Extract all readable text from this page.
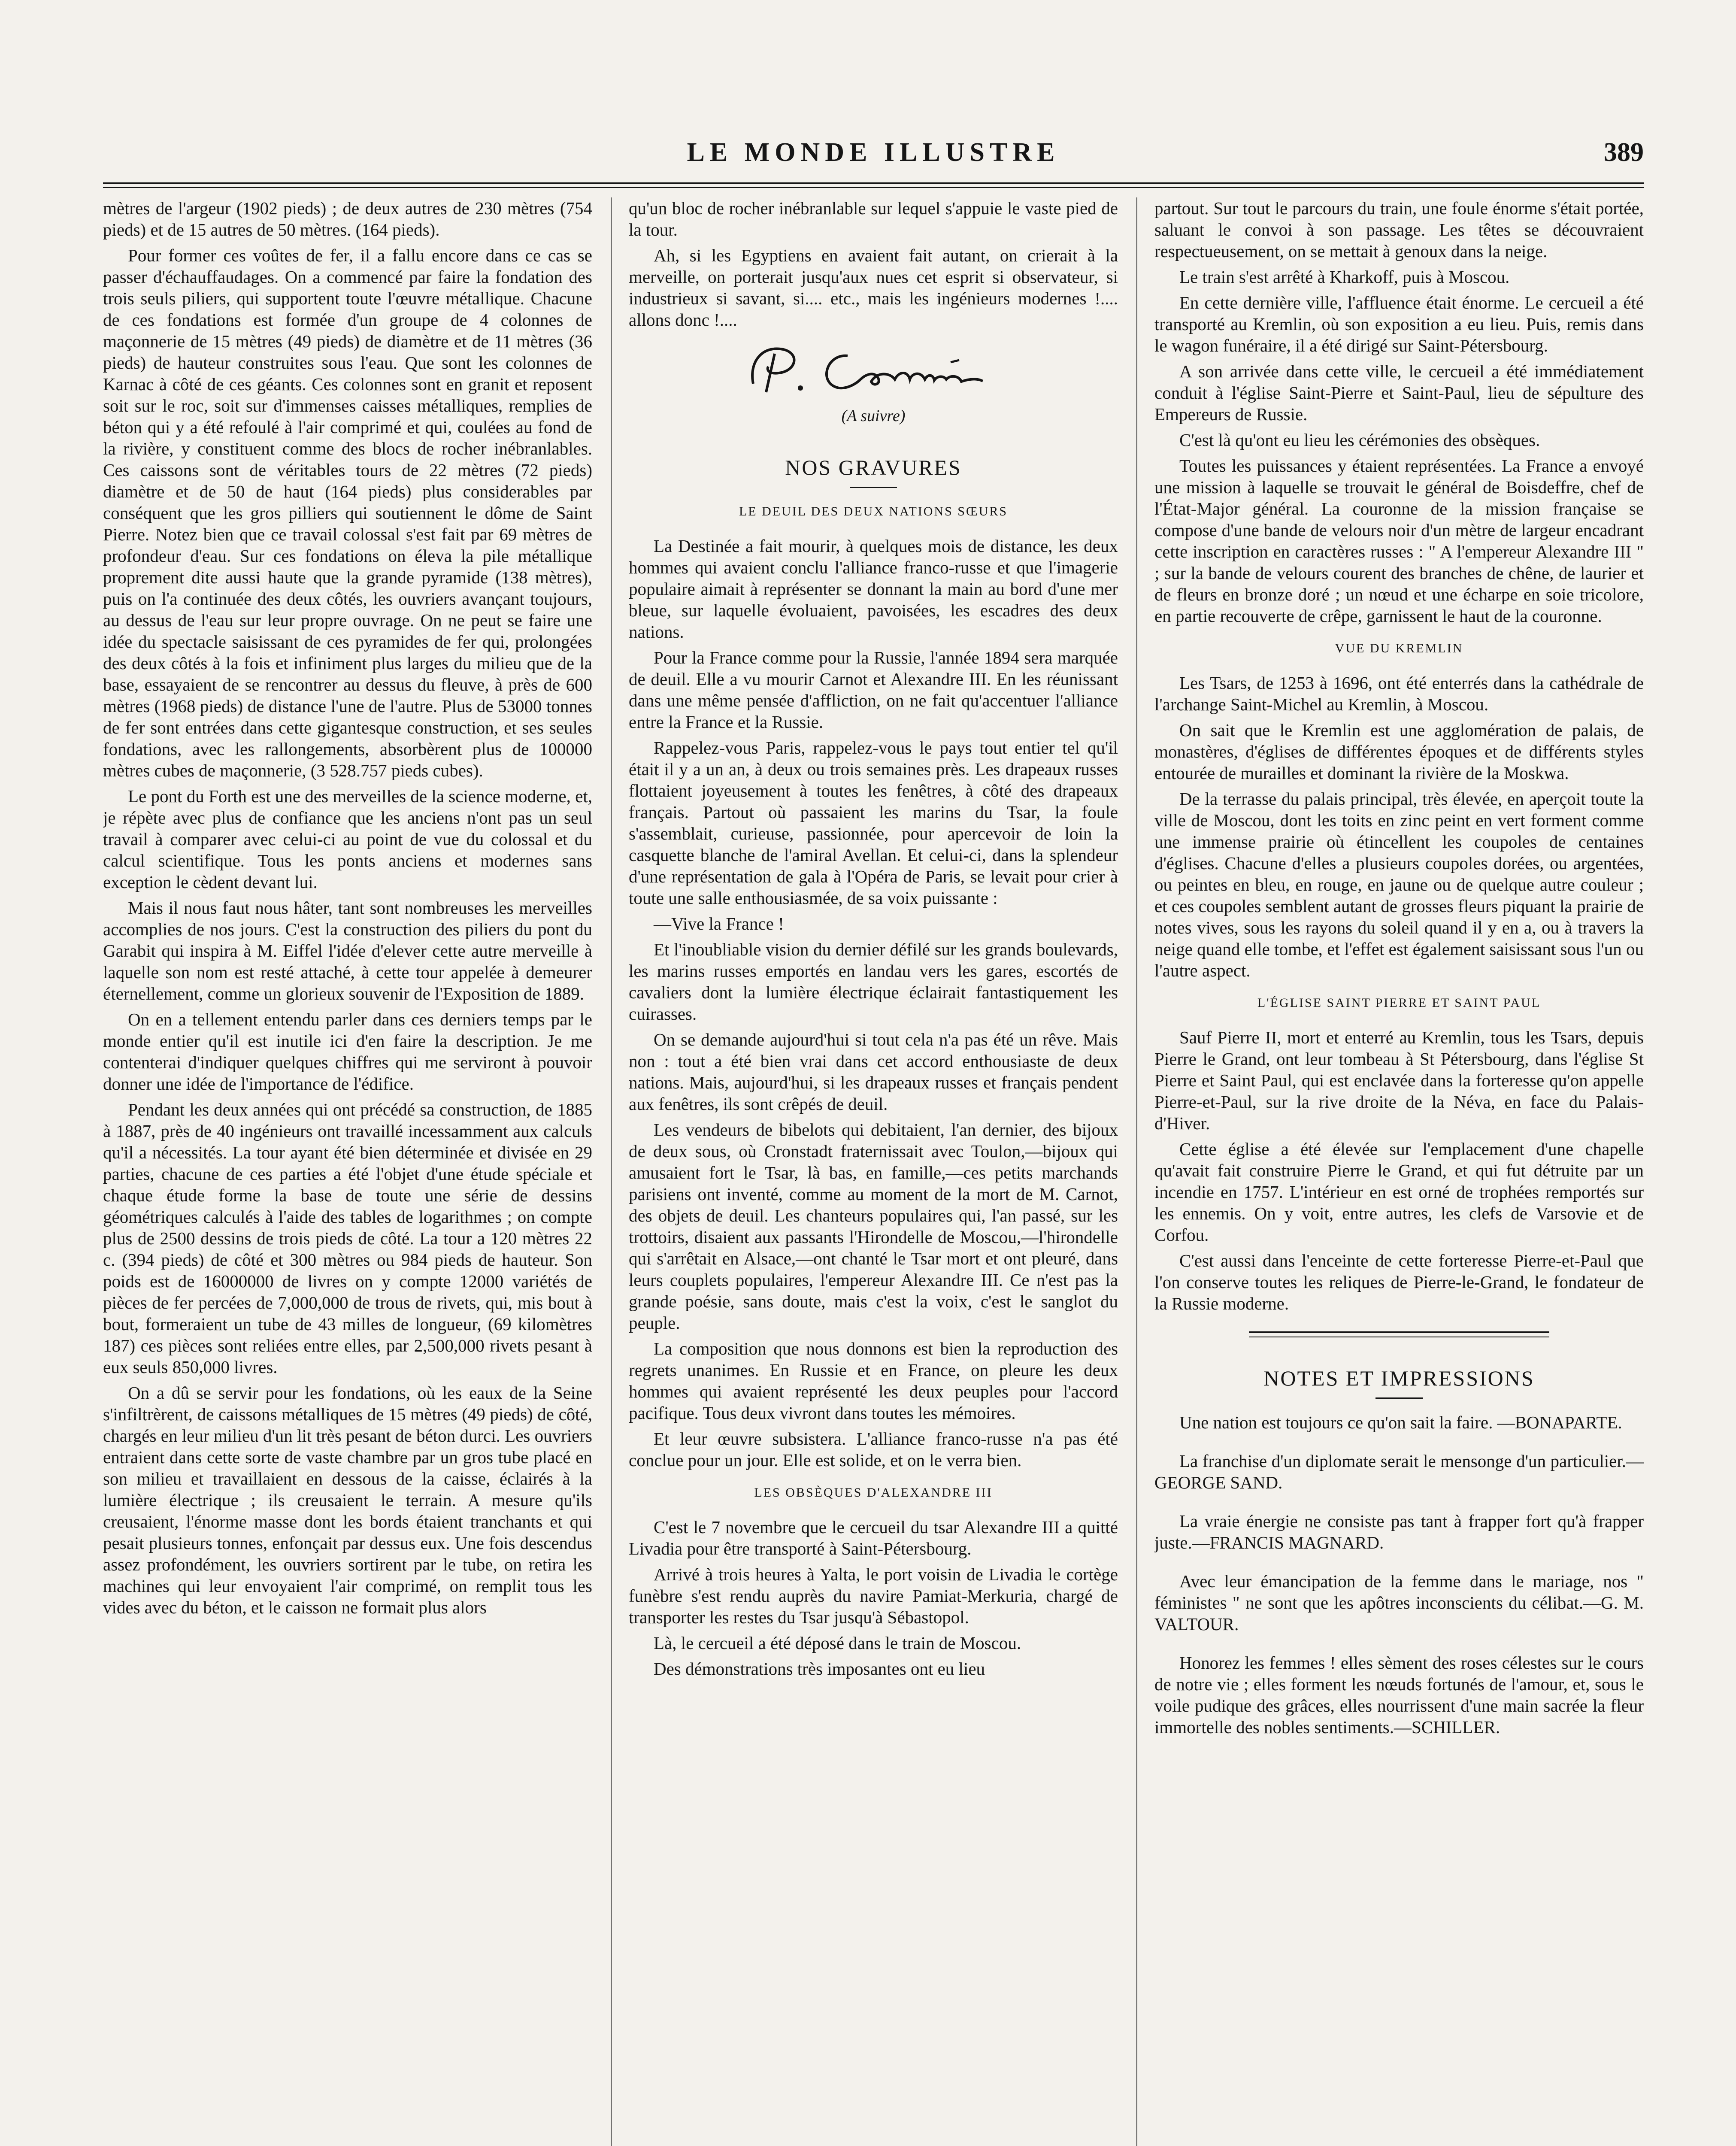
LE MONDE ILLUSTRE	389

mètres de l'argeur (1902 pieds) ; de deux autres de 230 mètres (754 pieds) et de 15 autres de 50 mètres. (164 pieds).

Pour former ces voûtes de fer, il a fallu encore dans ce cas se passer d'échauffaudages. On a commencé par faire la fondation des trois seuls piliers, qui supportent toute l'œuvre métallique. Chacune de ces fondations est formée d'un groupe de 4 colonnes de maçonnerie de 15 mètres (49 pieds) de diamètre et de 11 mètres (36 pieds) de hauteur construites sous l'eau. Que sont les colonnes de Karnac à côté de ces géants. Ces colonnes sont en granit et reposent soit sur le roc, soit sur d'immenses caisses métalliques, remplies de béton qui y a été refoulé à l'air comprimé et qui, coulées au fond de la rivière, y constituent comme des blocs de rocher inébranlables. Ces caissons sont de véritables tours de 22 mètres (72 pieds) diamètre et de 50 de haut (164 pieds) plus considerables par conséquent que les gros pilliers qui soutiennent le dôme de Saint Pierre. Notez bien que ce travail colossal s'est fait par 69 mètres de profondeur d'eau. Sur ces fondations on éleva la pile métallique proprement dite aussi haute que la grande pyramide (138 mètres), puis on l'a continuée des deux côtés, les ouvriers avançant toujours, au dessus de l'eau sur leur propre ouvrage. On ne peut se faire une idée du spectacle saisissant de ces pyramides de fer qui, prolongées des deux côtés à la fois et infiniment plus larges du milieu que de la base, essayaient de se rencontrer au dessus du fleuve, à près de 600 mètres (1968 pieds) de distance l'une de l'autre. Plus de 53000 tonnes de fer sont entrées dans cette gigantesque construction, et ses seules fondations, avec les rallongements, absorbèrent plus de 100000 mètres cubes de maçonnerie, (3 528.757 pieds cubes).

Le pont du Forth est une des merveilles de la science moderne, et, je répète avec plus de confiance que les anciens n'ont pas un seul travail à comparer avec celui-ci au point de vue du colossal et du calcul scientifique. Tous les ponts anciens et modernes sans exception le cèdent devant lui.

Mais il nous faut nous hâter, tant sont nombreuses les merveilles accomplies de nos jours. C'est la construction des piliers du pont du Garabit qui inspira à M. Eiffel l'idée d'elever cette autre merveille à laquelle son nom est resté attaché, à cette tour appelée à demeurer éternellement, comme un glorieux souvenir de l'Exposition de 1889.

On en a tellement entendu parler dans ces derniers temps par le monde entier qu'il est inutile ici d'en faire la description. Je me contenterai d'indiquer quelques chiffres qui me serviront à pouvoir donner une idée de l'importance de l'édifice.

Pendant les deux années qui ont précédé sa construction, de 1885 à 1887, près de 40 ingénieurs ont travaillé incessamment aux calculs qu'il a nécessités. La tour ayant été bien déterminée et divisée en 29 parties, chacune de ces parties a été l'objet d'une étude spéciale et chaque étude forme la base de toute une série de dessins géométriques calculés à l'aide des tables de logarithmes ; on compte plus de 2500 dessins de trois pieds de côté. La tour a 120 mètres 22 c. (394 pieds) de côté et 300 mètres ou 984 pieds de hauteur. Son poids est de 16000000 de livres on y compte 12000 variétés de pièces de fer percées de 7,000,000 de trous de rivets, qui, mis bout à bout, formeraient un tube de 43 milles de longueur, (69 kilomètres 187) ces pièces sont reliées entre elles, par 2,500,000 rivets pesant à eux seuls 850,000 livres.

On a dû se servir pour les fondations, où les eaux de la Seine s'infiltrèrent, de caissons métalliques de 15 mètres (49 pieds) de côté, chargés en leur milieu d'un lit très pesant de béton durci. Les ouvriers entraient dans cette sorte de vaste chambre par un gros tube placé en son milieu et travaillaient en dessous de la caisse, éclairés à la lumière électrique ; ils creusaient le terrain. A mesure qu'ils creusaient, l'énorme masse dont les bords étaient tranchants et qui pesait plusieurs tonnes, enfonçait par dessus eux. Une fois descendus assez profondément, les ouvriers sortirent par le tube, on retira les machines qui leur envoyaient l'air comprimé, on remplit tous les vides avec du béton, et le caisson ne formait plus alors

qu'un bloc de rocher inébranlable sur lequel s'appuie le vaste pied de la tour.

Ah, si les Egyptiens en avaient fait autant, on crierait à la merveille, on porterait jusqu'aux nues cet esprit si observateur, si industrieux si savant, si.... etc., mais les ingénieurs modernes !.... allons donc !....

(A suivre)
NOS GRAVURES
LE DEUIL DES DEUX NATIONS SŒURS

La Destinée a fait mourir, à quelques mois de distance, les deux hommes qui avaient conclu l'alliance franco-russe et que l'imagerie populaire aimait à représenter se donnant la main au bord d'une mer bleue, sur laquelle évoluaient, pavoisées, les escadres des deux nations.

Pour la France comme pour la Russie, l'année 1894 sera marquée de deuil. Elle a vu mourir Carnot et Alexandre III. En les réunissant dans une même pensée d'affliction, on ne fait qu'accentuer l'alliance entre la France et la Russie.

Rappelez-vous Paris, rappelez-vous le pays tout entier tel qu'il était il y a un an, à deux ou trois semaines près. Les drapeaux russes flottaient joyeusement à toutes les fenêtres, à côté des drapeaux français. Partout où passaient les marins du Tsar, la foule s'assemblait, curieuse, passionnée, pour apercevoir de loin la casquette blanche de l'amiral Avellan. Et celui-ci, dans la splendeur d'une représentation de gala à l'Opéra de Paris, se levait pour crier à toute une salle enthousiasmée, de sa voix puissante :

—Vive la France !

Et l'inoubliable vision du dernier défilé sur les grands boulevards, les marins russes emportés en landau vers les gares, escortés de cavaliers dont la lumière électrique éclairait fantastiquement les cuirasses.

On se demande aujourd'hui si tout cela n'a pas été un rêve. Mais non : tout a été bien vrai dans cet accord enthousiaste de deux nations. Mais, aujourd'hui, si les drapeaux russes et français pendent aux fenêtres, ils sont crêpés de deuil.

Les vendeurs de bibelots qui debitaient, l'an dernier, des bijoux de deux sous, où Cronstadt fraternissait avec Toulon,—bijoux qui amusaient fort le Tsar, là bas, en famille,—ces petits marchands parisiens ont inventé, comme au moment de la mort de M. Carnot, des objets de deuil. Les chanteurs populaires qui, l'an passé, sur les trottoirs, disaient aux passants l'Hirondelle de Moscou,—l'hirondelle qui s'arrêtait en Alsace,—ont chanté le Tsar mort et ont pleuré, dans leurs couplets populaires, l'empereur Alexandre III. Ce n'est pas la grande poésie, sans doute, mais c'est la voix, c'est le sanglot du peuple.

La composition que nous donnons est bien la reproduction des regrets unanimes. En Russie et en France, on pleure les deux hommes qui avaient représenté les deux peuples pour l'accord pacifique. Tous deux vivront dans toutes les mémoires.

Et leur œuvre subsistera. L'alliance franco-russe n'a pas été conclue pour un jour. Elle est solide, et on le verra bien.

LES OBSÈQUES D'ALEXANDRE III

C'est le 7 novembre que le cercueil du tsar Alexandre III a quitté Livadia pour être transporté à Saint-Pétersbourg.

Arrivé à trois heures à Yalta, le port voisin de Livadia le cortège funèbre s'est rendu auprès du navire Pamiat-Merkuria, chargé de transporter les restes du Tsar jusqu'à Sébastopol.

Là, le cercueil a été déposé dans le train de Moscou.

Des démonstrations très imposantes ont eu lieu

partout. Sur tout le parcours du train, une foule énorme s'était portée, saluant le convoi à son passage. Les têtes se découvraient respectueusement, on se mettait à genoux dans la neige.

Le train s'est arrêté à Kharkoff, puis à Moscou.

En cette dernière ville, l'affluence était énorme. Le cercueil a été transporté au Kremlin, où son exposition a eu lieu. Puis, remis dans le wagon funéraire, il a été dirigé sur Saint-Pétersbourg.

A son arrivée dans cette ville, le cercueil a été immédiatement conduit à l'église Saint-Pierre et Saint-Paul, lieu de sépulture des Empereurs de Russie.

C'est là qu'ont eu lieu les cérémonies des obsèques.

Toutes les puissances y étaient représentées. La France a envoyé une mission à laquelle se trouvait le général de Boisdeffre, chef de l'État-Major général. La couronne de la mission française se compose d'une bande de velours noir d'un mètre de largeur encadrant cette inscription en caractères russes : " A l'empereur Alexandre III " ; sur la bande de velours courent des branches de chêne, de laurier et de fleurs en bronze doré ; un nœud et une écharpe en soie tricolore, en partie recouverte de crêpe, garnissent le haut de la couronne.

VUE DU KREMLIN

Les Tsars, de 1253 à 1696, ont été enterrés dans la cathédrale de l'archange Saint-Michel au Kremlin, à Moscou.

On sait que le Kremlin est une agglomération de palais, de monastères, d'églises de différentes époques et de différents styles entourée de murailles et dominant la rivière de la Moskwa.

De la terrasse du palais principal, très élevée, en aperçoit toute la ville de Moscou, dont les toits en zinc peint en vert forment comme une immense prairie où étincellent les coupoles de centaines d'églises. Chacune d'elles a plusieurs coupoles dorées, ou argentées, ou peintes en bleu, en rouge, en jaune ou de quelque autre couleur ; et ces coupoles semblent autant de grosses fleurs piquant la prairie de notes vives, sous les rayons du soleil quand il y en a, ou à travers la neige quand elle tombe, et l'effet est également saisissant sous l'un ou l'autre aspect.

L'ÉGLISE SAINT PIERRE ET SAINT PAUL

Sauf Pierre II, mort et enterré au Kremlin, tous les Tsars, depuis Pierre le Grand, ont leur tombeau à St Pétersbourg, dans l'église St Pierre et Saint Paul, qui est enclavée dans la forteresse qu'on appelle Pierre-et-Paul, sur la rive droite de la Néva, en face du Palais-d'Hiver.

Cette église a été élevée sur l'emplacement d'une chapelle qu'avait fait construire Pierre le Grand, et qui fut détruite par un incendie en 1757. L'intérieur en est orné de trophées remportés sur les ennemis. On y voit, entre autres, les clefs de Varsovie et de Corfou.

C'est aussi dans l'enceinte de cette forteresse Pierre-et-Paul que l'on conserve toutes les reliques de Pierre-le-Grand, le fondateur de la Russie moderne.

NOTES ET IMPRESSIONS

Une nation est toujours ce qu'on sait la faire. —BONAPARTE.

La franchise d'un diplomate serait le mensonge d'un particulier.—GEORGE SAND.

La vraie énergie ne consiste pas tant à frapper fort qu'à frapper juste.—FRANCIS MAGNARD.

Avec leur émancipation de la femme dans le mariage, nos " féministes " ne sont que les apôtres inconscients du célibat.—G. M. VALTOUR.

Honorez les femmes ! elles sèment des roses célestes sur le cours de notre vie ; elles forment les nœuds fortunés de l'amour, et, sous le voile pudique des grâces, elles nourrissent d'une main sacrée la fleur immortelle des nobles sentiments.—SCHILLER.
